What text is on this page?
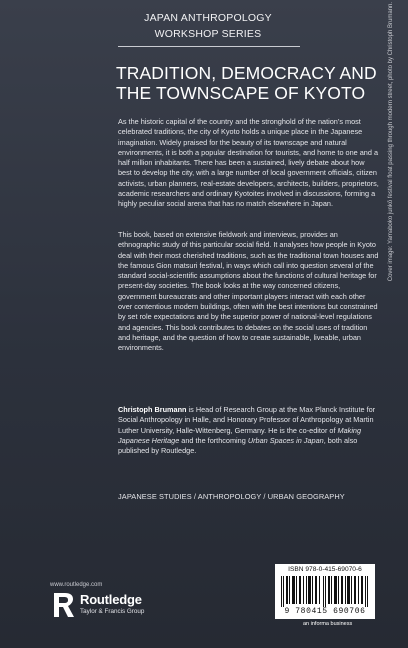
JAPAN ANTHROPOLOGY WORKSHOP SERIES
TRADITION, DEMOCRACY AND THE TOWNSCAPE OF KYOTO
As the historic capital of the country and the stronghold of the nation’s most celebrated traditions, the city of Kyoto holds a unique place in the Japanese imagination. Widely praised for the beauty of its townscape and natural environments, it is both a popular destination for tourists, and home to one and a half million inhabitants. There has been a sustained, lively debate about how best to develop the city, with a large number of local government officials, citizen activists, urban planners, real-estate developers, architects, builders, proprietors, academic researchers and ordinary Kyotoites involved in discussions, forming a highly peculiar social arena that has no match elsewhere in Japan.
This book, based on extensive fieldwork and interviews, provides an ethnographic study of this particular social field. It analyses how people in Kyoto deal with their most cherished traditions, such as the traditional town houses and the famous Gion matsuri festival, in ways which call into question several of the standard social-scientific assumptions about the functions of cultural heritage for present-day societies. The book looks at the way concerned citizens, government bureaucrats and other important players interact with each other over contentious modern buildings, often with the best intentions but constrained by set role expectations and by the superior power of national-level regulations and agencies. This book contributes to debates on the social uses of tradition and heritage, and the question of how to create sustainable, liveable, urban environments.
Christoph Brumann is Head of Research Group at the Max Planck Institute for Social Anthropology in Halle, and Honorary Professor of Anthropology at Martin Luther University, Halle-Wittenberg, Germany. He is the co-editor of Making Japanese Heritage and the forthcoming Urban Spaces in Japan, both also published by Routledge.
JAPANESE STUDIES / ANTHROPOLOGY / URBAN GEOGRAPHY
www.routledge.com
Routledge
Taylor & Francis Group
ISBN 978-0-415-69070-6
9 780415 690706
an informa business
Cover image: Yamaboko junkō festival float passing through modern street, photo by Christoph Brumann.
